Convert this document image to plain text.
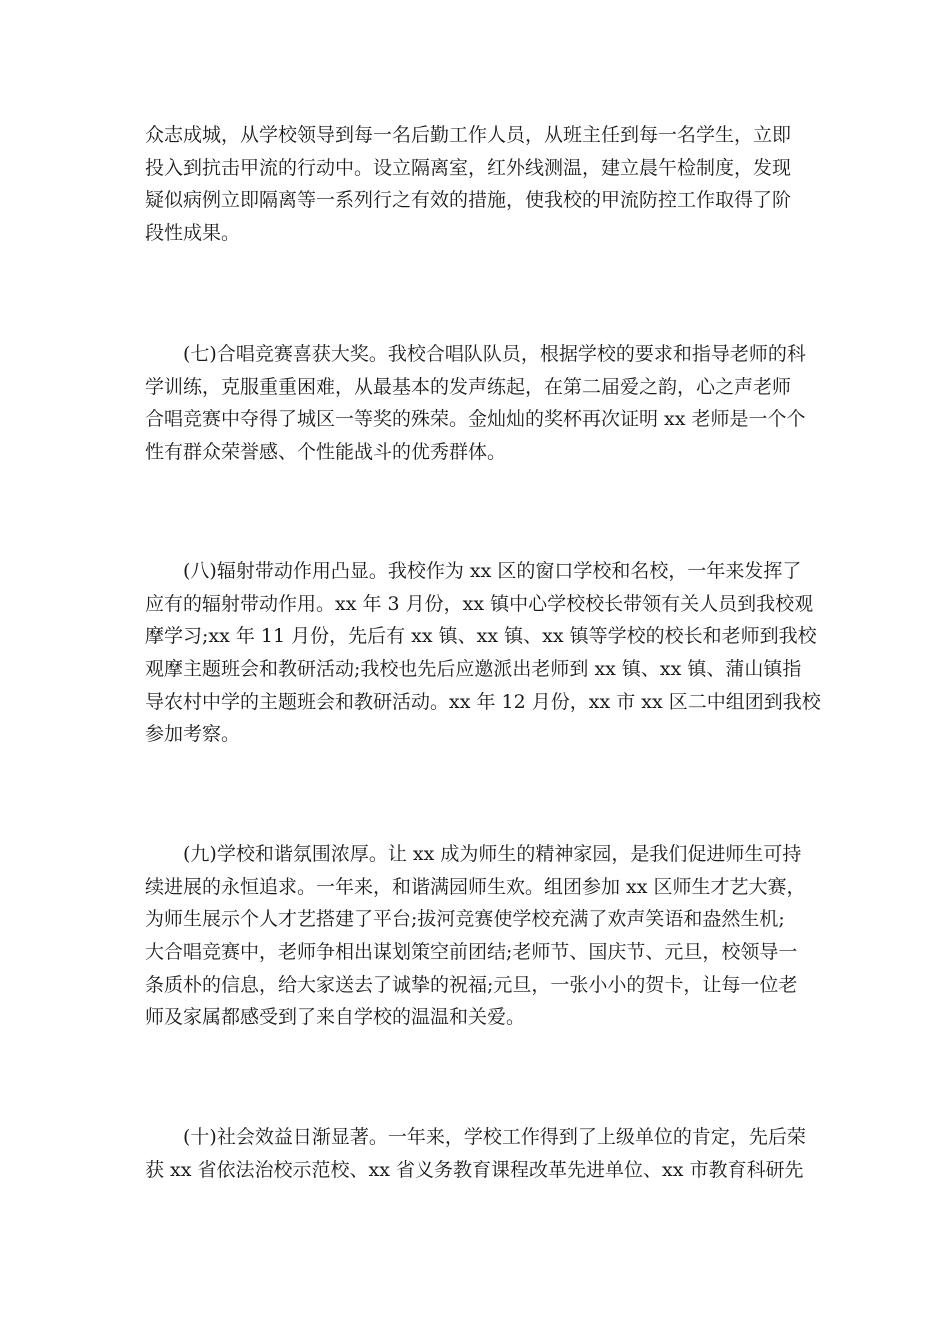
众志成城，从学校领导到每一名后勤工作人员，从班主任到每一名学生，立即
投入到抗击甲流的行动中。设立隔离室，红外线测温，建立晨午检制度，发现
疑似病例立即隔离等一系列行之有效的措施，使我校的甲流防控工作取得了阶
段性成果。
　　(七)合唱竞赛喜获大奖。我校合唱队队员，根据学校的要求和指导老师的科
学训练，克服重重困难，从最基本的发声练起，在第二届爱之韵，心之声老师
合唱竞赛中夺得了城区一等奖的殊荣。金灿灿的奖杯再次证明 xx 老师是一个个
性有群众荣誉感、个性能战斗的优秀群体。
　　(八)辐射带动作用凸显。我校作为 xx 区的窗口学校和名校，一年来发挥了
应有的辐射带动作用。xx 年 3 月份，xx 镇中心学校校长带领有关人员到我校观
摩学习;xx 年 11 月份，先后有 xx 镇、xx 镇、xx 镇等学校的校长和老师到我校
观摩主题班会和教研活动;我校也先后应邀派出老师到 xx 镇、xx 镇、蒲山镇指
导农村中学的主题班会和教研活动。xx 年 12 月份，xx 市 xx 区二中组团到我校
参加考察。
　　(九)学校和谐氛围浓厚。让 xx 成为师生的精神家园，是我们促进师生可持
续进展的永恒追求。一年来，和谐满园师生欢。组团参加 xx 区师生才艺大赛，
为师生展示个人才艺搭建了平台;拔河竞赛使学校充满了欢声笑语和盎然生机;
大合唱竞赛中，老师争相出谋划策空前团结;老师节、国庆节、元旦，校领导一
条质朴的信息，给大家送去了诚挚的祝福;元旦，一张小小的贺卡，让每一位老
师及家属都感受到了来自学校的温温和关爱。
　　(十)社会效益日渐显著。一年来，学校工作得到了上级单位的肯定，先后荣
获 xx 省依法治校示范校、xx 省义务教育课程改革先进单位、xx 市教育科研先
